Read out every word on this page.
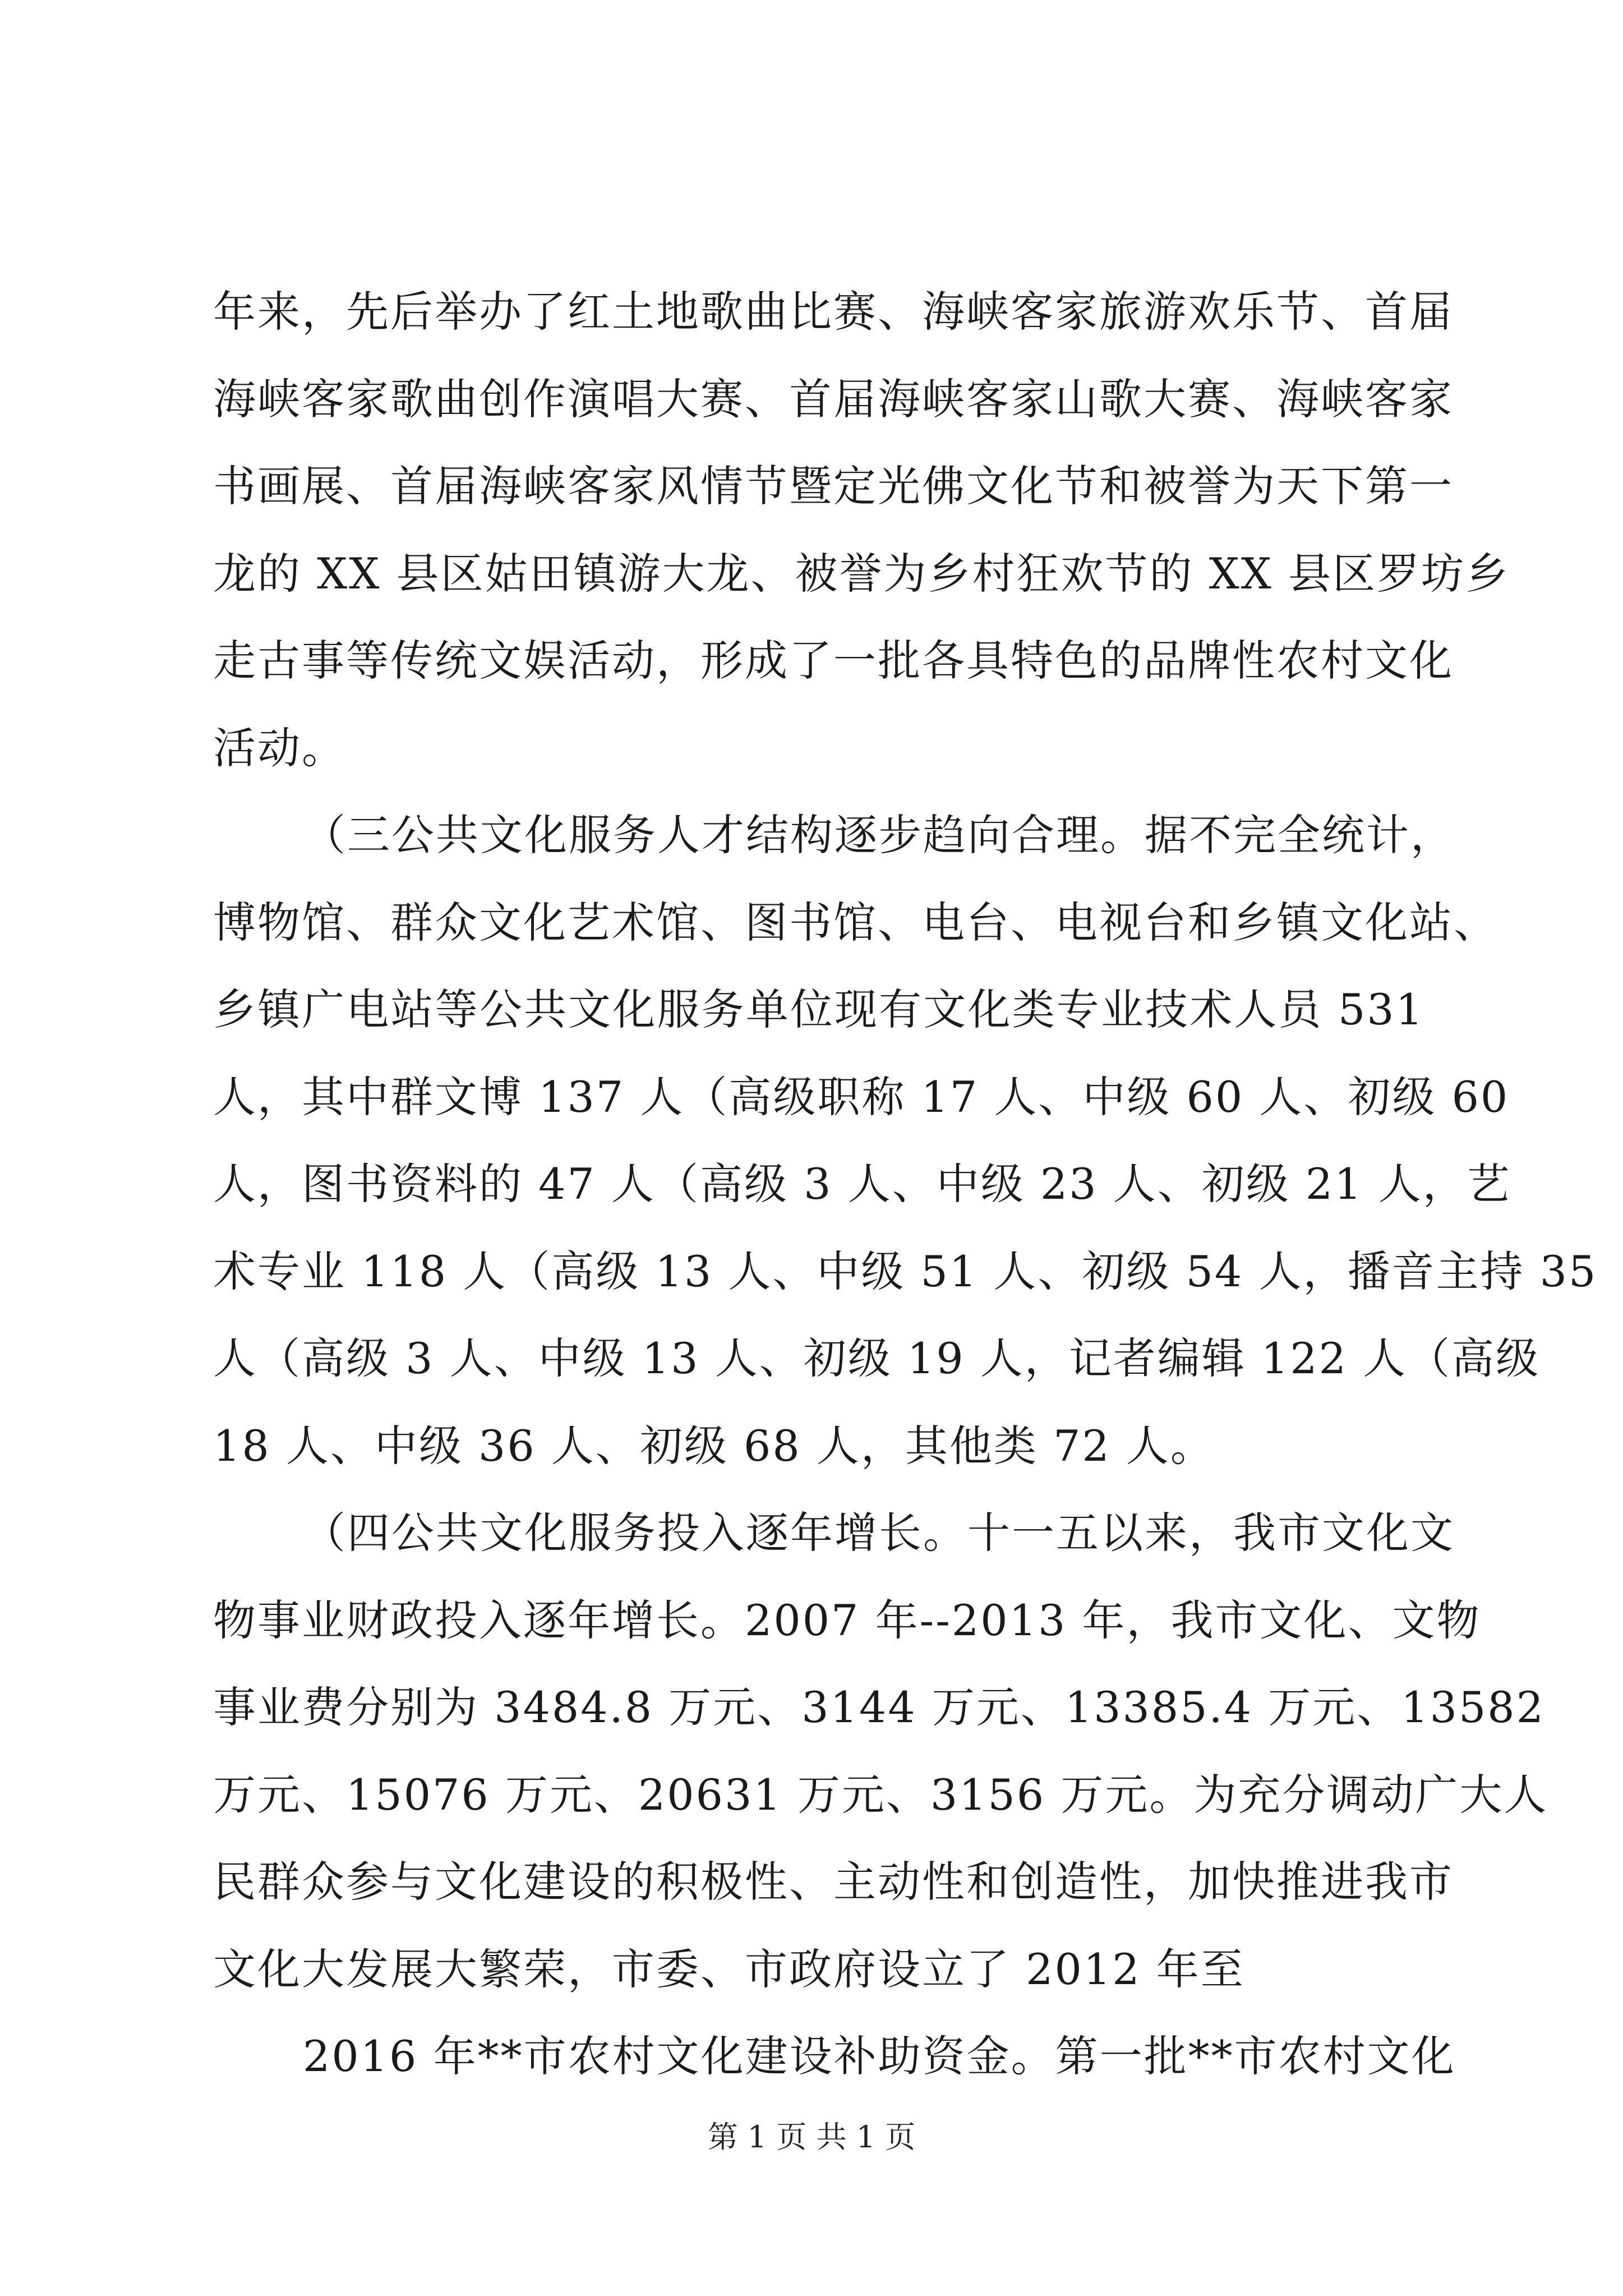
年来，先后举办了红土地歌曲比赛、海峡客家旅游欢乐节、首届
海峡客家歌曲创作演唱大赛、首届海峡客家山歌大赛、海峡客家
书画展、首届海峡客家风情节暨定光佛文化节和被誉为天下第一
龙的 XX 县区姑田镇游大龙、被誉为乡村狂欢节的 XX 县区罗坊乡
走古事等传统文娱活动，形成了一批各具特色的品牌性农村文化
活动。
（三公共文化服务人才结构逐步趋向合理。据不完全统计，
博物馆、群众文化艺术馆、图书馆、电台、电视台和乡镇文化站、
乡镇广电站等公共文化服务单位现有文化类专业技术人员 531
人，其中群文博 137 人（高级职称 17 人、中级 60 人、初级 60
人，图书资料的 47 人（高级 3 人、中级 23 人、初级 21 人，艺
术专业 118 人（高级 13 人、中级 51 人、初级 54 人，播音主持 35
人（高级 3 人、中级 13 人、初级 19 人，记者编辑 122 人（高级
18 人、中级 36 人、初级 68 人，其他类 72 人。
（四公共文化服务投入逐年增长。十一五以来，我市文化文
物事业财政投入逐年增长。2007 年--2013 年，我市文化、文物
事业费分别为 3484.8 万元、3144 万元、13385.4 万元、13582
万元、15076 万元、20631 万元、3156 万元。为充分调动广大人
民群众参与文化建设的积极性、主动性和创造性，加快推进我市
文化大发展大繁荣，市委、市政府设立了 2012 年至
2016 年**市农村文化建设补助资金。第一批**市农村文化
第 1 页 共 1 页
